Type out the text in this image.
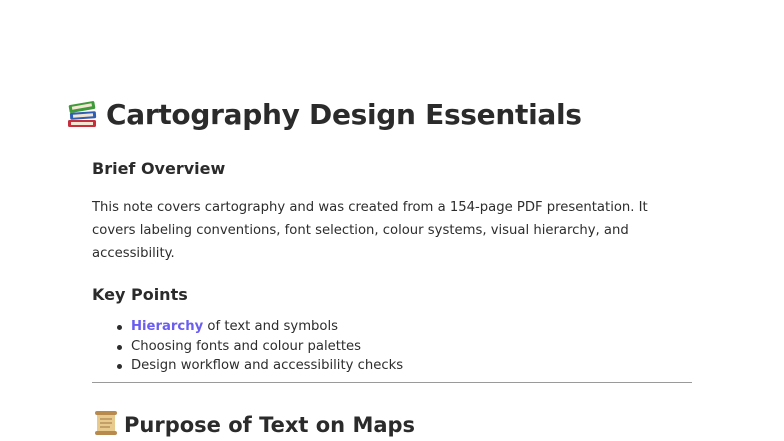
Cartography Design Essentials
Brief Overview
This note covers cartography and was created from a 154-page PDF presentation. It covers labeling conventions, font selection, colour systems, visual hierarchy, and accessibility.
Key Points
Hierarchy of text and symbols
Choosing fonts and colour palettes
Design workflow and accessibility checks
Purpose of Text on Maps
